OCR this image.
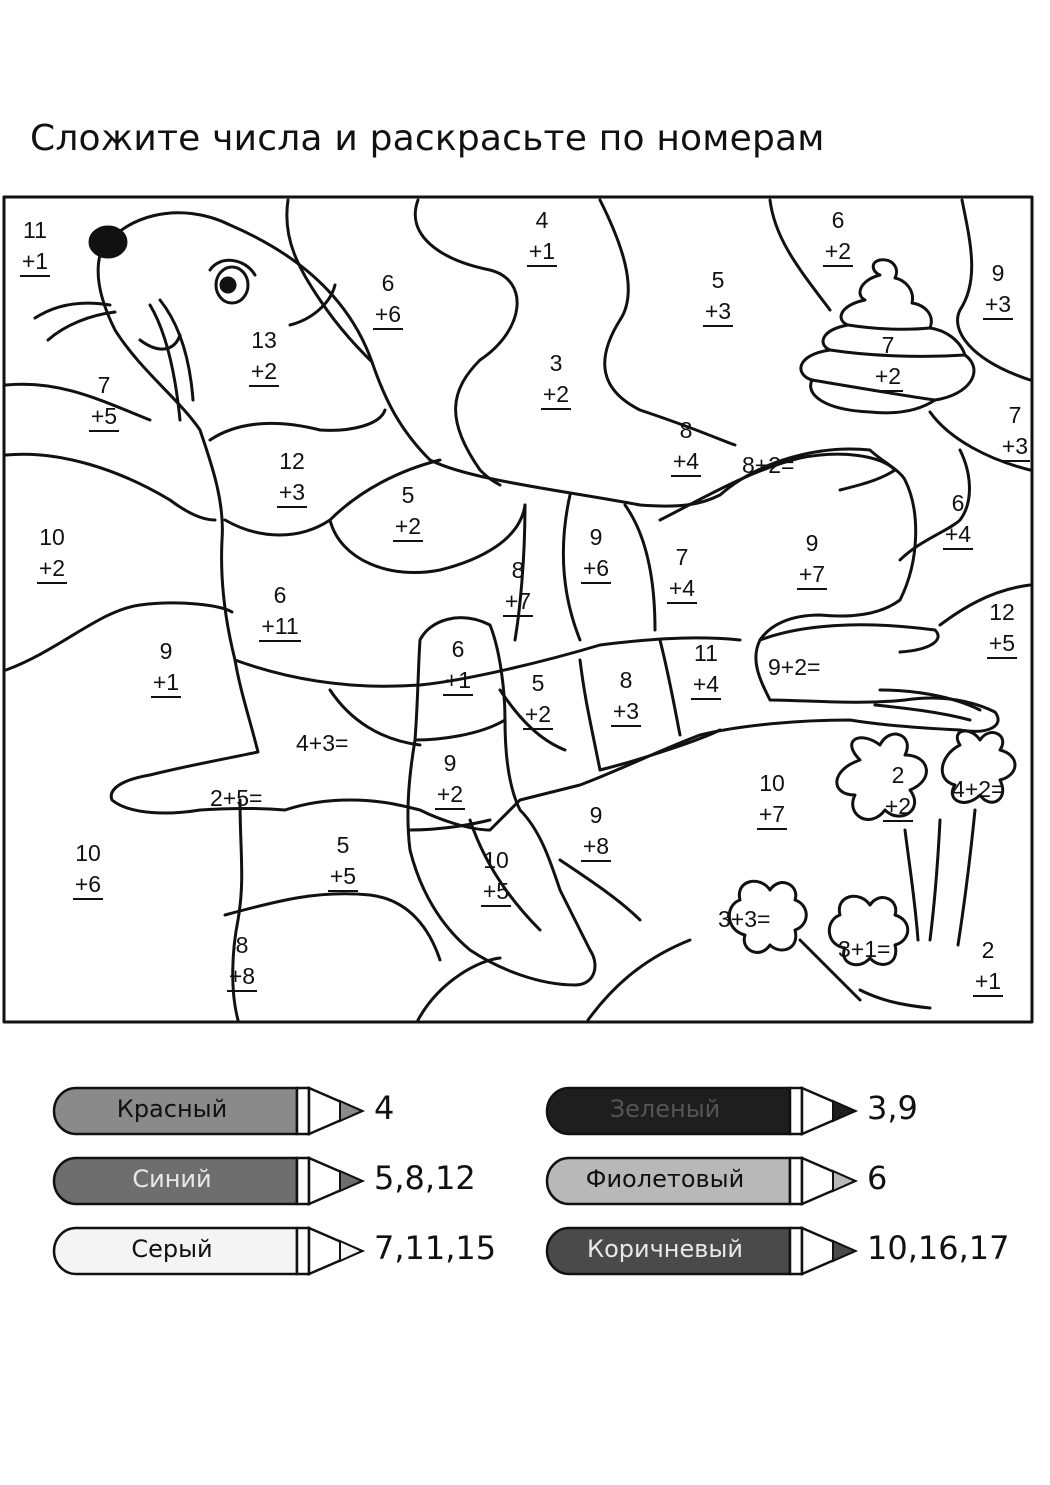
Сложите числа и раскрасьте по номерам
11
+1
4
+1
6
+2
9
+3
6
+6
5
+3
13
+2
7
+2
3
+2
7
+5	7
+3
8
+4
12
+3	6
+4
5
+2
10
+2
9
+6
9
+7
8
+7
7
+4
6
+11
12
+5
9
+1
6
+1
11
+4
5
+2
8
+3
9
+2	10
+7
2
+2
9
+8
10
+6
5
+5
10
+5
8
+8
2
+1
8+2=
9+2=
4+3=
2+5=	4+2=
3+3=
3+1=
Красный	4	Зеленый	3,9
Синий	5,8,12	Фиолетовый	6
Серый	7,11,15	Коричневый	10,16,17
